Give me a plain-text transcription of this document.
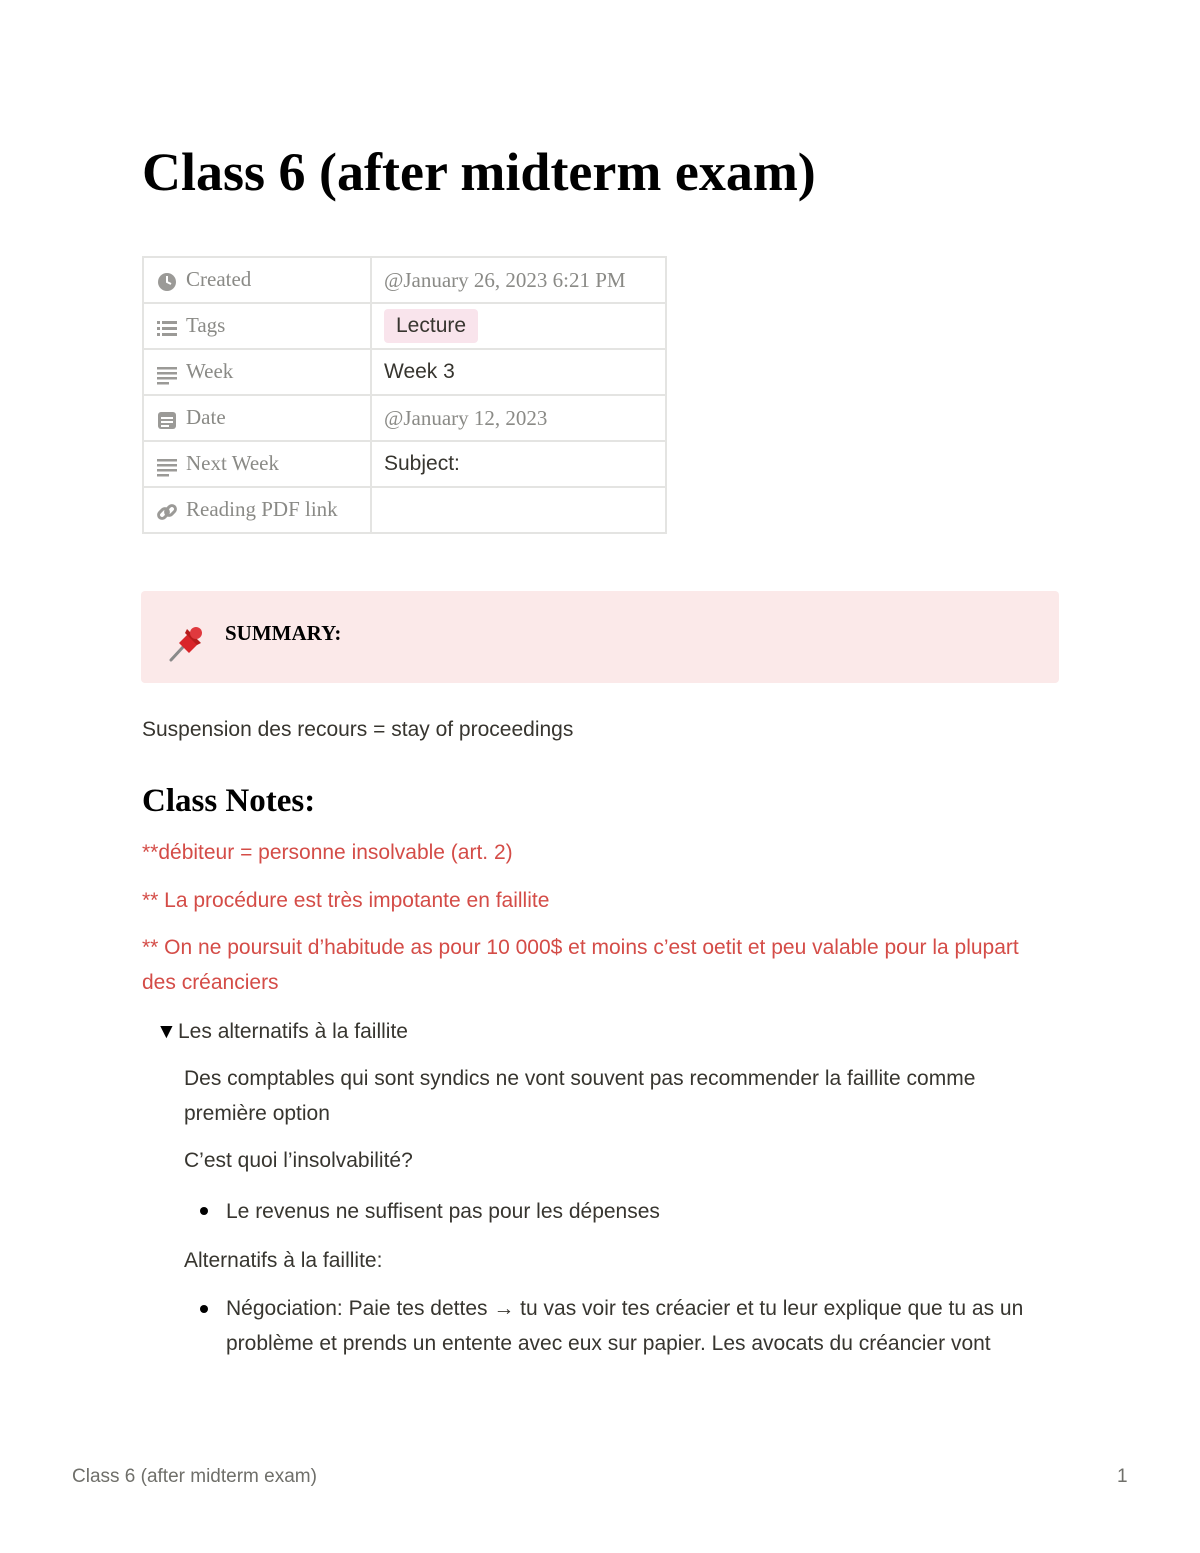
Class 6 (after midterm exam)
Created	@January 26, 2023 6:21 PM

Tags	Lecture

Week	Week 3

Date	@January 12, 2023

Next Week	Subject:

Reading PDF link	
SUMMARY:

Suspension des recours = stay of proceedings

Class Notes:

**débiteur = personne insolvable (art. 2)

** La procédure est très impotante en faillite

** On ne poursuit d’habitude as pour 10 000$ et moins c’est oetit et peu valable pour la plupart des créanciers

▼Les alternatifs à la faillite

Des comptables qui sont syndics ne vont souvent pas recommender la faillite comme première option

C’est quoi l’insolvabilité?

Le revenus ne suffisent pas pour les dépenses

Alternatifs à la faillite:

Négociation: Paie tes dettes → tu vas voir tes créacier et tu leur explique que tu as un problème et prends un entente avec eux sur papier. Les avocats du créancier vont
Class 6 (after midterm exam)	1
